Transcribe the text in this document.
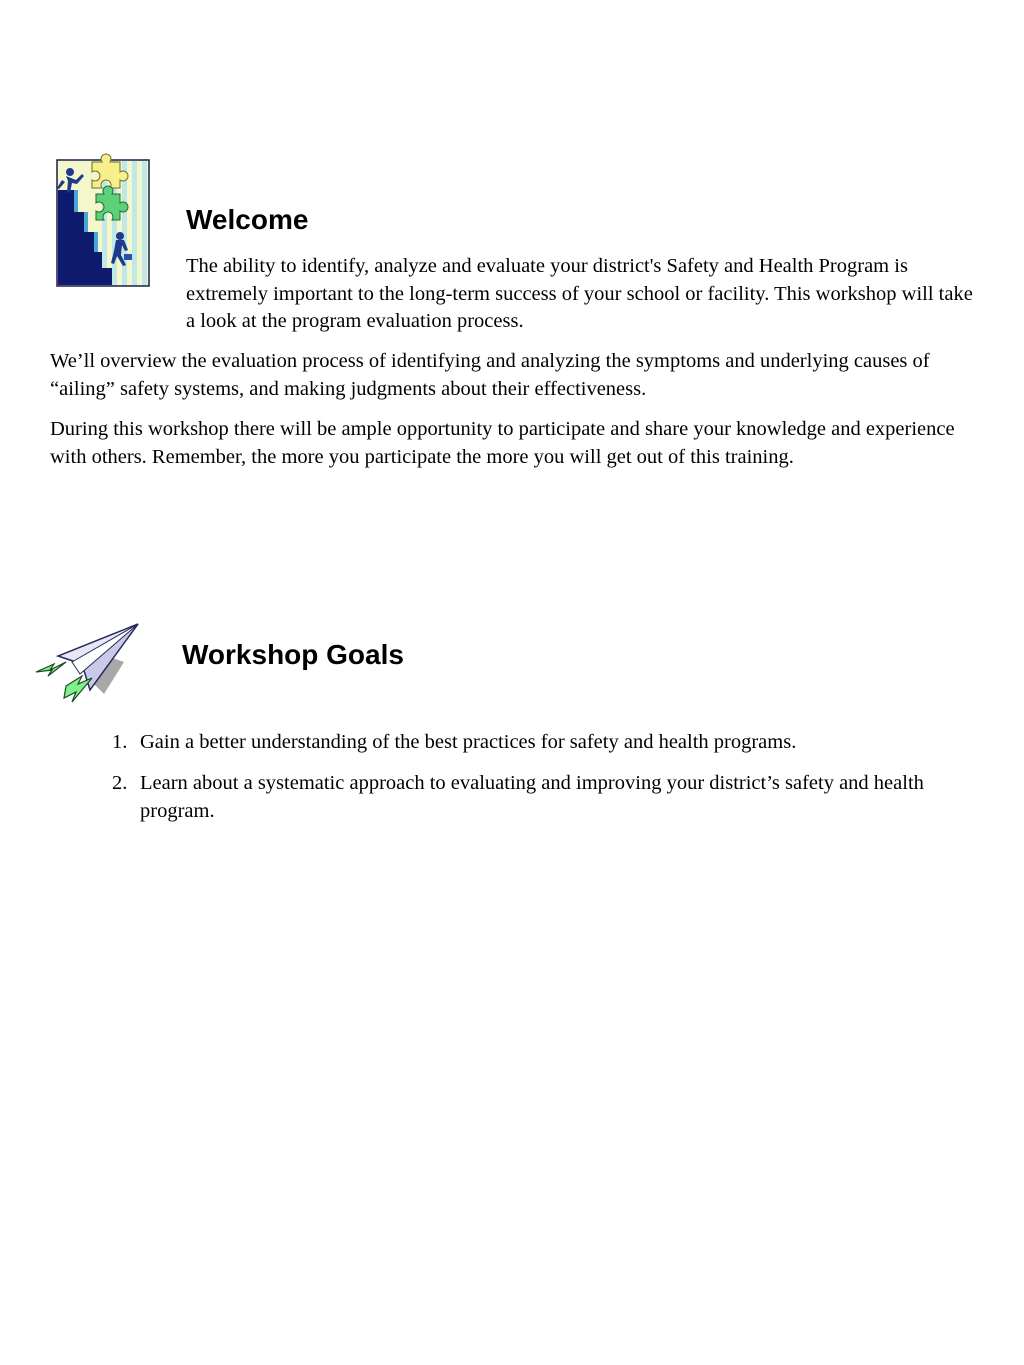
Welcome

The ability to identify, analyze and evaluate your district's Safety and Health Program is extremely important to the long-term success of your school or facility. This workshop will take a look at the program evaluation process.

We’ll overview the evaluation process of identifying and analyzing the symptoms and underlying causes of “ailing” safety systems, and making judgments about their effectiveness.

During this workshop there will be ample opportunity to participate and share your knowledge and experience with others. Remember, the more you participate the more you will get out of this training.

Workshop Goals
1. Gain a better understanding of the best practices for safety and health programs.
2. Learn about a systematic approach to evaluating and improving your district’s safety and health program.
